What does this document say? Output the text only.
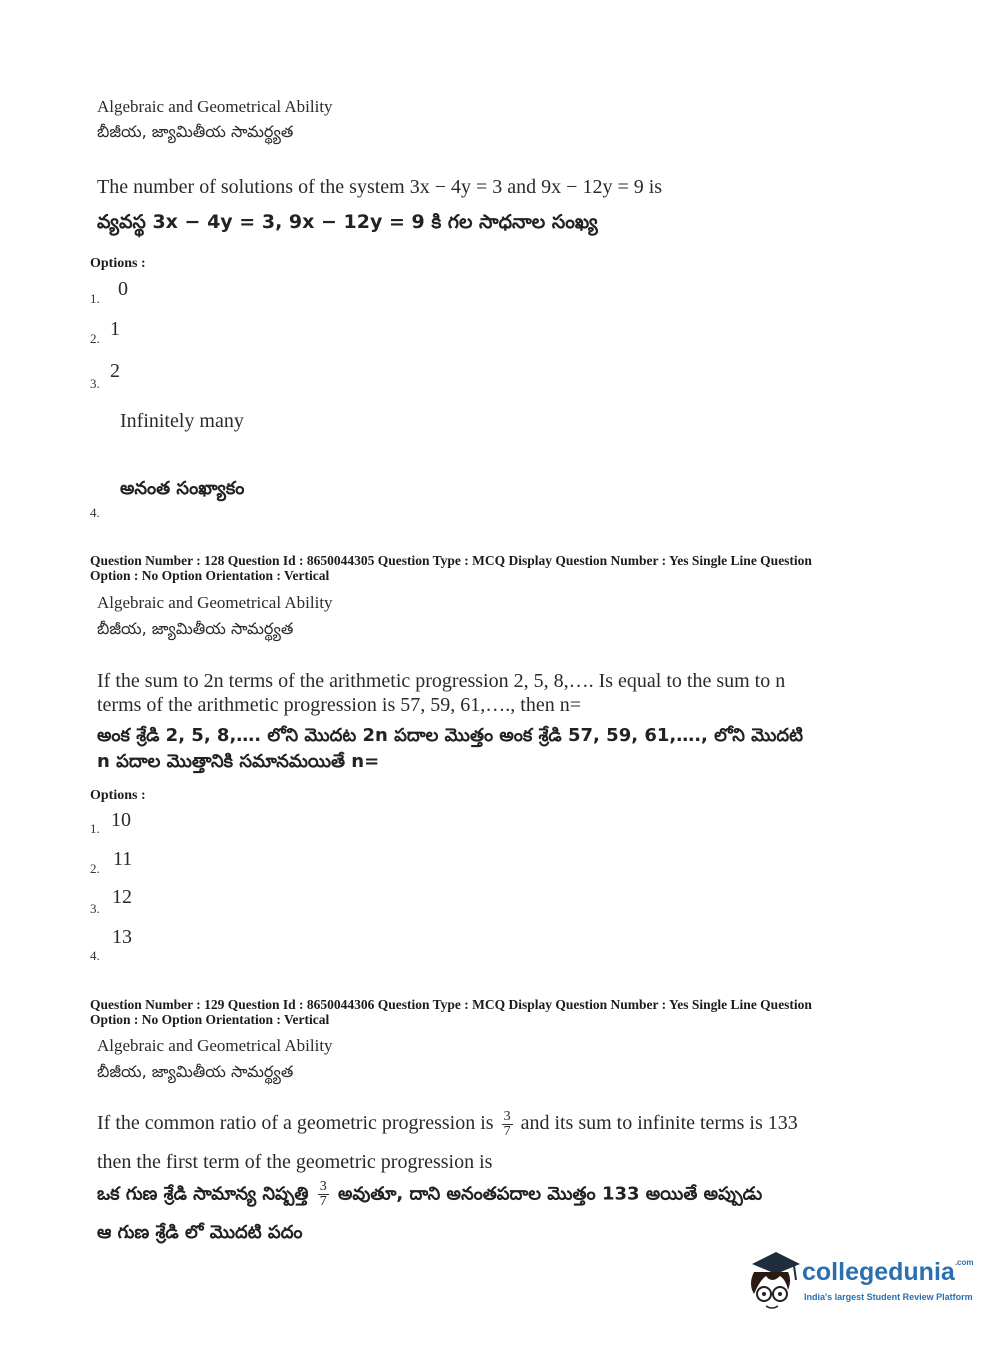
Algebraic and Geometrical Ability
బీజీయ, జ్యామితీయ సామర్థ్యత
The number of solutions of the system 3x − 4y = 3 and 9x − 12y = 9 is
వ్యవస్థ 3x − 4y = 3, 9x − 12y = 9 కి గల సాధనాల సంఖ్య
Options :
1. 0
2. 1
3.
2
Infinitely many
అనంత సంఖ్యాకం
4.
Question Number : 128 Question Id : 8650044305 Question Type : MCQ Display Question Number : Yes Single Line Question
Option : No Option Orientation : Vertical
Algebraic and Geometrical Ability
బీజీయ, జ్యామితీయ సామర్థ్యత
If the sum to 2n terms of the arithmetic progression 2, 5, 8,…. Is equal to the sum to n
terms of the arithmetic progression is 57, 59, 61,…., then n=
అంక శ్రేడి 2, 5, 8,…. లోని మొదట 2n పదాల మొత్తం అంక శ్రేడి 57, 59, 61,…., లోని మొదటి
n పదాల మొత్తానికి సమానమయితే n=
Options :
1. 10
2. 11
3.
12
4.
13
Question Number : 129 Question Id : 8650044306 Question Type : MCQ Display Question Number : Yes Single Line Question
Option : No Option Orientation : Vertical
Algebraic and Geometrical Ability
బీజీయ, జ్యామితీయ సామర్థ్యత
If the common ratio of a geometric progression is $\frac{3}{7}$ and its sum to infinite terms is 133
then the first term of the geometric progression is
ఒక గుణ శ్రేడి సామాన్య నిష్పత్తి $\frac{3}{7}$ అవుతూ, దాని అనంతపదాల మొత్తం 133 అయితే అప్పుడు
ఆ గుణ శ్రేడి లో మొదటి పదం
collegedunia$^{.com}$
India's largest Student Review Platform
